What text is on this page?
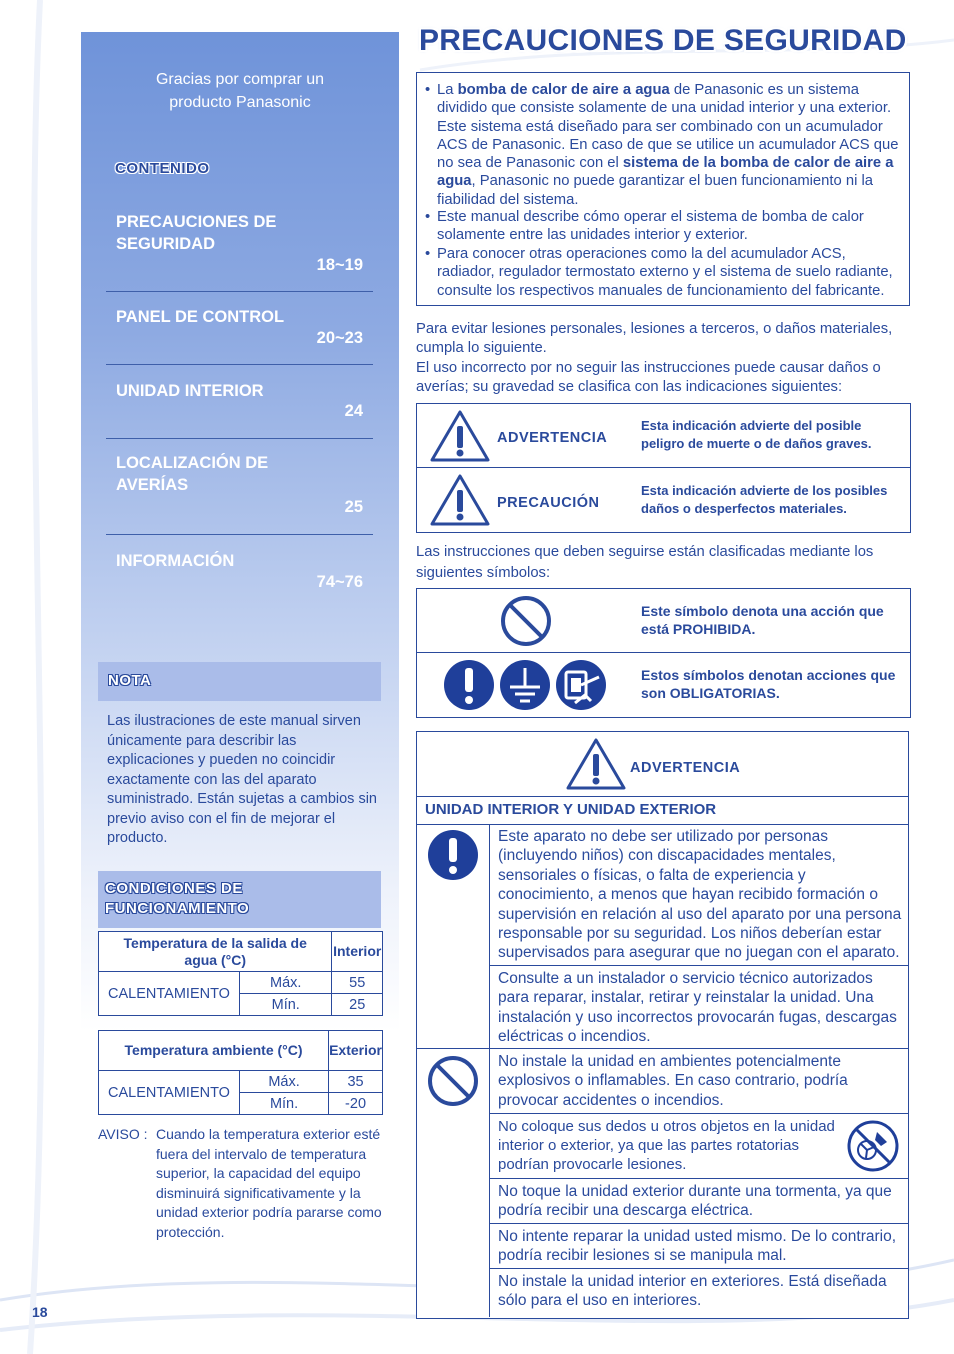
Gracias por comprar un producto Panasonic
CONTENIDO
PRECAUCIONES DE SEGURIDAD
18~19
PANEL DE CONTROL
20~23
UNIDAD INTERIOR
24
LOCALIZACIÓN DE AVERÍAS
25
INFORMACIÓN
74~76
NOTA
Las ilustraciones de este manual sirven únicamente para describir las explicaciones y pueden no coincidir exactamente con las del aparato suministrado. Están sujetas a cambios sin previo aviso con el fin de mejorar el producto.
CONDICIONES DE FUNCIONAMIENTO
Temperatura de la salida de agua (°C)		Interior
CALENTAMIENTO	Máx.	55
	Mín.	25
Temperatura ambiente (°C)		Exterior
CALENTAMIENTO	Máx.	35
	Mín.	-20
AVISO : Cuando la temperatura exterior esté fuera del intervalo de temperatura superior, la capacidad del equipo disminuirá significativamente y la unidad exterior podría pararse como protección.
18
PRECAUCIONES DE SEGURIDAD
• La bomba de calor de aire a agua de Panasonic es un sistema dividido que consiste solamente de una unidad interior y una exterior. Este sistema está diseñado para ser combinado con un acumulador ACS de Panasonic. En caso de que se utilice un acumulador ACS que no sea de Panasonic con el sistema de la bomba de calor de aire a agua, Panasonic no puede garantizar el buen funcionamiento ni la fiabilidad del sistema.
• Este manual describe cómo operar el sistema de bomba de calor solamente entre las unidades interior y exterior.
• Para conocer otras operaciones como la del acumulador ACS, radiador, regulador termostato externo y el sistema de suelo radiante, consulte los respectivos manuales de funcionamiento del fabricante.
Para evitar lesiones personales, lesiones a terceros, o daños materiales, cumpla lo siguiente.
El uso incorrecto por no seguir las instrucciones puede causar daños o averías; su gravedad se clasifica con las indicaciones siguientes:
ADVERTENCIA
Esta indicación advierte del posible peligro de muerte o de daños graves.
PRECAUCIÓN
Esta indicación advierte de los posibles daños o desperfectos materiales.
Las instrucciones que deben seguirse están clasificadas mediante los siguientes símbolos:
Este símbolo denota una acción que está PROHIBIDA.
Estos símbolos denotan acciones que son OBLIGATORIAS.
ADVERTENCIA
UNIDAD INTERIOR Y UNIDAD EXTERIOR
Este aparato no debe ser utilizado por personas (incluyendo niños) con discapacidades mentales, sensoriales o físicas, o falta de experiencia y conocimiento, a menos que hayan recibido formación o supervisión en relación al uso del aparato por una persona responsable por su seguridad. Los niños deberían estar supervisados para asegurar que no juegan con el aparato.
Consulte a un instalador o servicio técnico autorizados para reparar, instalar, retirar y reinstalar la unidad. Una instalación y uso incorrectos provocarán fugas, descargas eléctricas o incendios.
No instale la unidad en ambientes potencialmente explosivos o inflamables. En caso contrario, podría provocar accidentes o incendios.
No coloque sus dedos u otros objetos en la unidad interior o exterior, ya que las partes rotatorias podrían provocarle lesiones.
No toque la unidad exterior durante una tormenta, ya que podría recibir una descarga eléctrica.
No intente reparar la unidad usted mismo. De lo contrario, podría recibir lesiones si se manipula mal.
No instale la unidad interior en exteriores. Está diseñada sólo para el uso en interiores.
